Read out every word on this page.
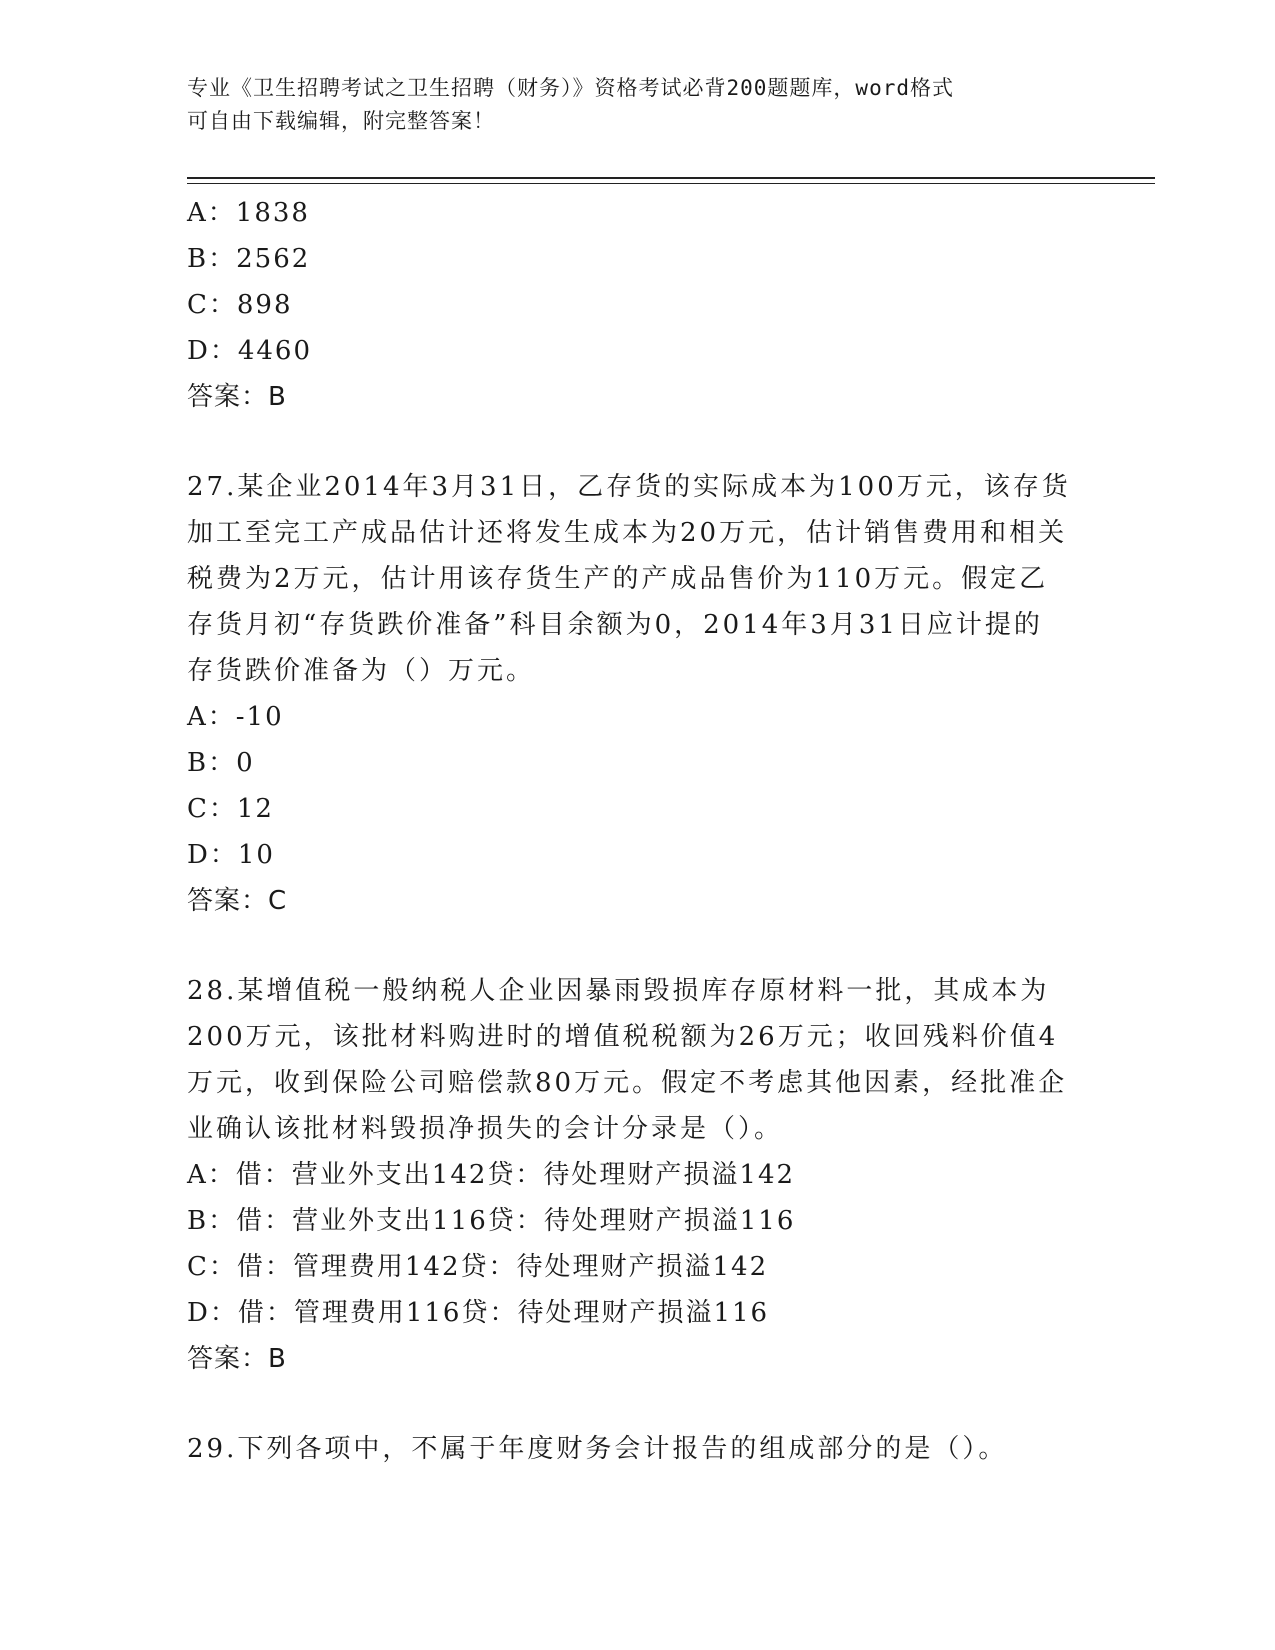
专业《卫生招聘考试之卫生招聘（财务）》资格考试必背200题题库，word格式
可自由下载编辑，附完整答案！
A：1838
B：2562
C：898
D：4460
答案：B
27.某企业2014年3月31日，乙存货的实际成本为100万元，该存货
加工至完工产成品估计还将发生成本为20万元，估计销售费用和相关
税费为2万元，估计用该存货生产的产成品售价为110万元。假定乙
存货月初“存货跌价准备”科目余额为0，2014年3月31日应计提的
存货跌价准备为（）万元。
A：-10
B：0
C：12
D：10
答案：C
28.某增值税一般纳税人企业因暴雨毁损库存原材料一批，其成本为
200万元，该批材料购进时的增值税税额为26万元；收回残料价值4
万元，收到保险公司赔偿款80万元。假定不考虑其他因素，经批准企
业确认该批材料毁损净损失的会计分录是（）。
A：借：营业外支出142贷：待处理财产损溢142
B：借：营业外支出116贷：待处理财产损溢116
C：借：管理费用142贷：待处理财产损溢142
D：借：管理费用116贷：待处理财产损溢116
答案：B
29.下列各项中，不属于年度财务会计报告的组成部分的是（）。
